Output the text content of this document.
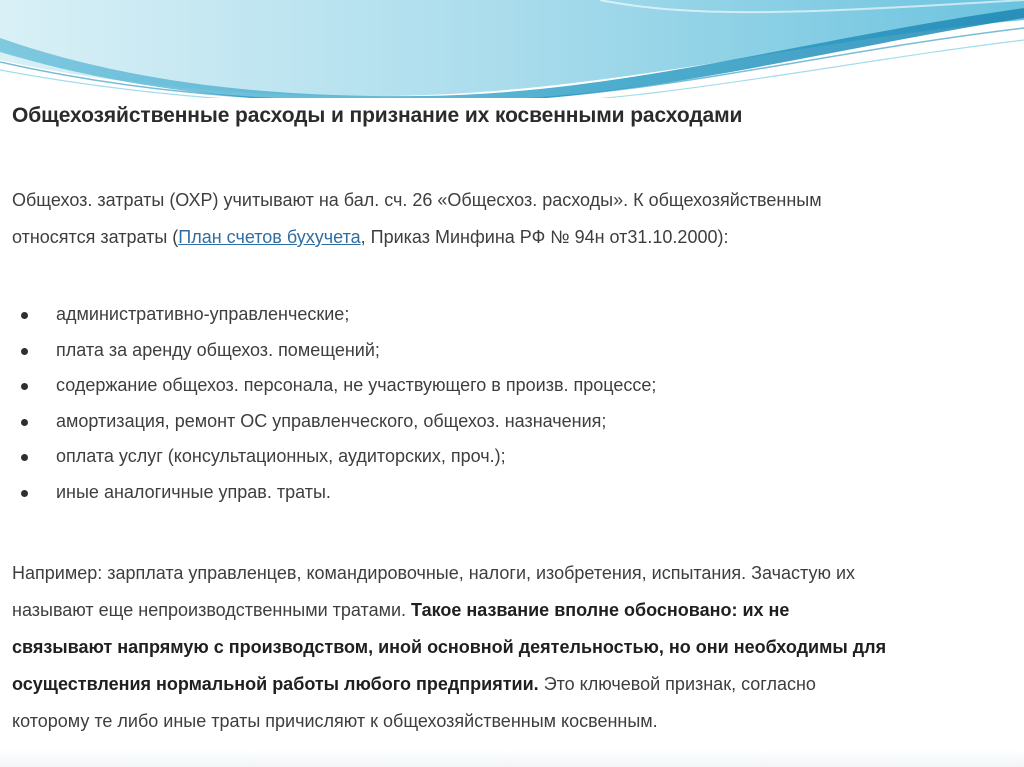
Общехозяйственные расходы и признание их косвенными расходами

Общехоз. затраты (ОХР) учитывают на бал. сч. 26 «Общесхоз. расходы». К общехозяйственным
относятся затраты (План счетов бухучета, Приказ Минфина РФ № 94н от31.10.2000):

административно-управленческие;
плата за аренду общехоз. помещений;
содержание общехоз. персонала, не участвующего в произв. процессе;
амортизация, ремонт ОС управленческого, общехоз. назначения;
оплата услуг (консультационных, аудиторских, проч.);
иные аналогичные управ. траты.

Например: зарплата управленцев, командировочные, налоги, изобретения, испытания. Зачастую их
называют еще непроизводственными тратами. Такое название вполне обосновано: их не
связывают напрямую с производством, иной основной деятельностью, но они необходимы для
осуществления нормальной работы любого предприятии. Это ключевой признак, согласно
которому те либо иные траты причисляют к общехозяйственным косвенным.
